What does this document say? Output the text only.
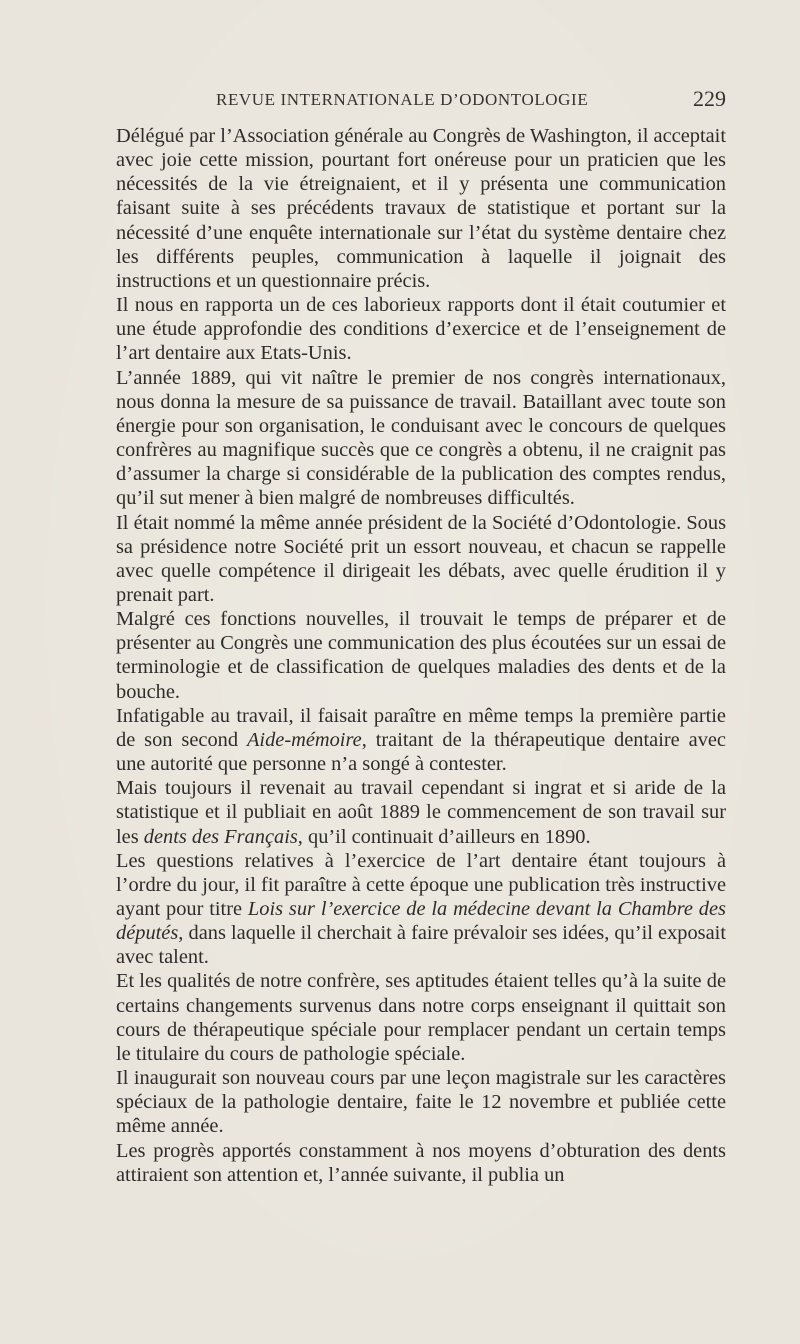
REVUE INTERNATIONALE D’ODONTOLOGIE	229

Délégué par l’Association générale au Congrès de Washington, il acceptait avec joie cette mission, pourtant fort onéreuse pour un praticien que les nécessités de la vie étreignaient, et il y présenta une communication faisant suite à ses précédents travaux de statistique et portant sur la nécessité d’une enquête internationale sur l’état du système dentaire chez les différents peuples, communication à laquelle il joignait des instructions et un questionnaire précis.

Il nous en rapporta un de ces laborieux rapports dont il était coutumier et une étude approfondie des conditions d’exercice et de l’enseignement de l’art dentaire aux Etats-Unis.

L’année 1889, qui vit naître le premier de nos congrès internationaux, nous donna la mesure de sa puissance de travail. Bataillant avec toute son énergie pour son organisation, le conduisant avec le concours de quelques confrères au magnifique succès que ce congrès a obtenu, il ne craignit pas d’assumer la charge si considérable de la publication des comptes rendus, qu’il sut mener à bien malgré de nombreuses difficultés.

Il était nommé la même année président de la Société d’Odontologie. Sous sa présidence notre Société prit un essort nouveau, et chacun se rappelle avec quelle compétence il dirigeait les débats, avec quelle érudition il y prenait part.

Malgré ces fonctions nouvelles, il trouvait le temps de préparer et de présenter au Congrès une communication des plus écoutées sur un essai de terminologie et de classification de quelques maladies des dents et de la bouche.

Infatigable au travail, il faisait paraître en même temps la première partie de son second Aide-mémoire, traitant de la thérapeutique dentaire avec une autorité que personne n’a songé à contester.

Mais toujours il revenait au travail cependant si ingrat et si aride de la statistique et il publiait en août 1889 le commencement de son travail sur les dents des Français, qu’il continuait d’ailleurs en 1890.

Les questions relatives à l’exercice de l’art dentaire étant toujours à l’ordre du jour, il fit paraître à cette époque une publication très instructive ayant pour titre Lois sur l’exercice de la médecine devant la Chambre des députés, dans laquelle il cherchait à faire prévaloir ses idées, qu’il exposait avec talent.

Et les qualités de notre confrère, ses aptitudes étaient telles qu’à la suite de certains changements survenus dans notre corps enseignant il quittait son cours de thérapeutique spéciale pour remplacer pendant un certain temps le titulaire du cours de pathologie spéciale.

Il inaugurait son nouveau cours par une leçon magistrale sur les caractères spéciaux de la pathologie dentaire, faite le 12 novembre et publiée cette même année.

Les progrès apportés constamment à nos moyens d’obturation des dents attiraient son attention et, l’année suivante, il publia un
